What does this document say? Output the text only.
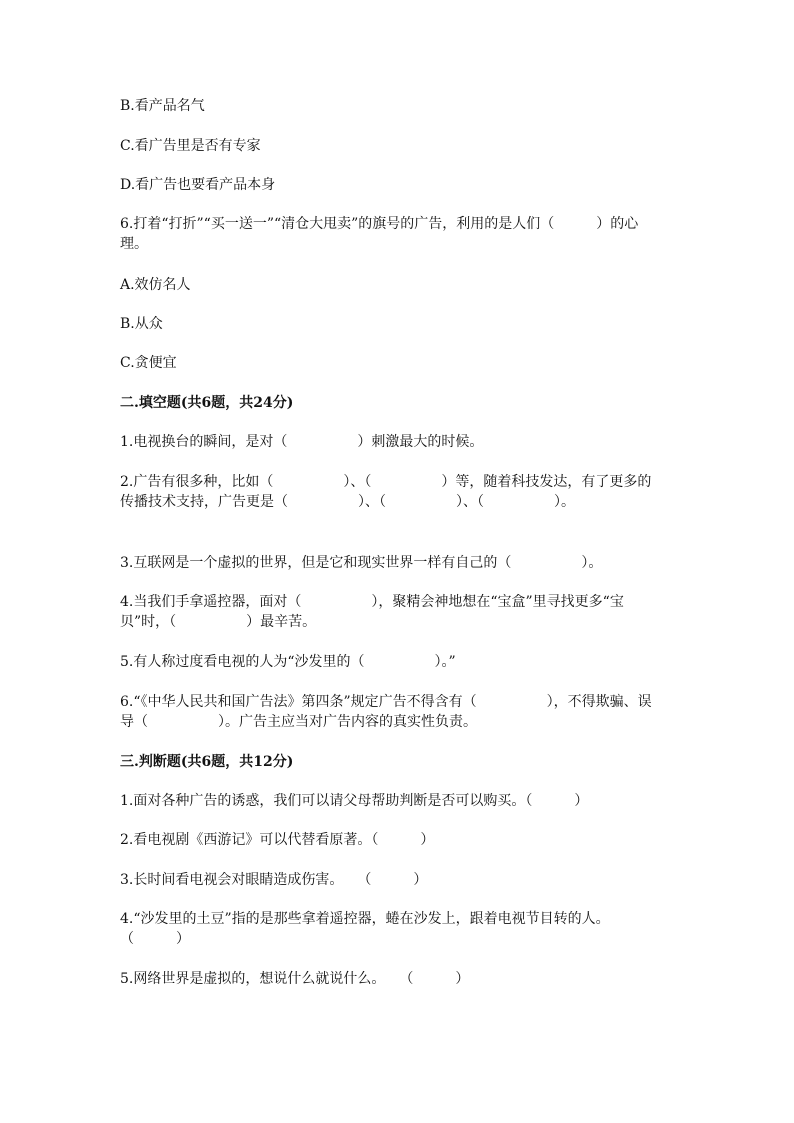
B.看产品名气
C.看广告里是否有专家
D.看广告也要看产品本身
6.打着“打折”“买一送一”“清仓大甩卖”的旗号的广告，利用的是人们（　　　）的心理。
A.效仿名人
B.从众
C.贪便宜
二.填空题(共6题，共24分)
1.电视换台的瞬间，是对（　　　　　）刺激最大的时候。
2.广告有很多种，比如（　　　　　）、（　　　　　）等，随着科技发达，有了更多的传播技术支持，广告更是（　　　　　）、（　　　　　）、（　　　　　）。
3.互联网是一个虚拟的世界，但是它和现实世界一样有自己的（　　　　　）。
4.当我们手拿遥控器，面对（　　　　　），聚精会神地想在“宝盒”里寻找更多“宝贝”时，（　　　　　）最辛苦。
5.有人称过度看电视的人为“沙发里的（　　　　　）。”
6.“《中华人民共和国广告法》第四条”规定广告不得含有（　　　　　），不得欺骗、误导（　　　　　）。广告主应当对广告内容的真实性负责。
三.判断题(共6题，共12分)
1.面对各种广告的诱惑，我们可以请父母帮助判断是否可以购买。（　　　）
2.看电视剧《西游记》可以代替看原著。（　　　）
3.长时间看电视会对眼睛造成伤害。　　（　　　）
4.“沙发里的土豆”指的是那些拿着遥控器，蜷在沙发上，跟着电视节目转的人。（　　　）
5.网络世界是虚拟的，想说什么就说什么。　　（　　　）
